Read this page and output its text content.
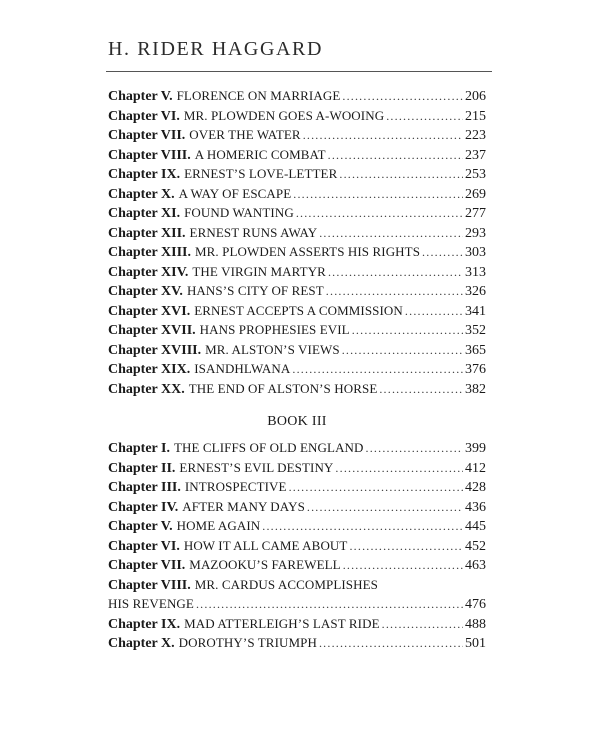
H. RIDER HAGGARD
Chapter V. FLORENCE ON MARRIAGE .....	206
Chapter VI. MR. PLOWDEN GOES A-WOOING .....	215
Chapter VII. OVER THE WATER .....	223
Chapter VIII. A HOMERIC COMBAT .....	237
Chapter IX. ERNEST’S LOVE-LETTER .....	253
Chapter X. A WAY OF ESCAPE .....	269
Chapter XI. FOUND WANTING .....	277
Chapter XII. ERNEST RUNS AWAY .....	293
Chapter XIII. MR. PLOWDEN ASSERTS HIS RIGHTS .....	303
Chapter XIV. THE VIRGIN MARTYR .....	313
Chapter XV. HANS’S CITY OF REST .....	326
Chapter XVI. ERNEST ACCEPTS A COMMISSION .....	341
Chapter XVII. HANS PROPHESIES EVIL .....	352
Chapter XVIII. MR. ALSTON’S VIEWS .....	365
Chapter XIX. ISANDHLWANA .....	376
Chapter XX. THE END OF ALSTON’S HORSE .....	382
BOOK III
Chapter I. THE CLIFFS OF OLD ENGLAND .....	399
Chapter II. ERNEST’S EVIL DESTINY .....	412
Chapter III. INTROSPECTIVE .....	428
Chapter IV. AFTER MANY DAYS .....	436
Chapter V. HOME AGAIN .....	445
Chapter VI. HOW IT ALL CAME ABOUT .....	452
Chapter VII. MAZOOKU’S FAREWELL .....	463
Chapter VIII. MR. CARDUS ACCOMPLISHES
HIS REVENGE .....	476
Chapter IX. MAD ATTERLEIGH’S LAST RIDE .....	488
Chapter X. DOROTHY’S TRIUMPH .....	501
